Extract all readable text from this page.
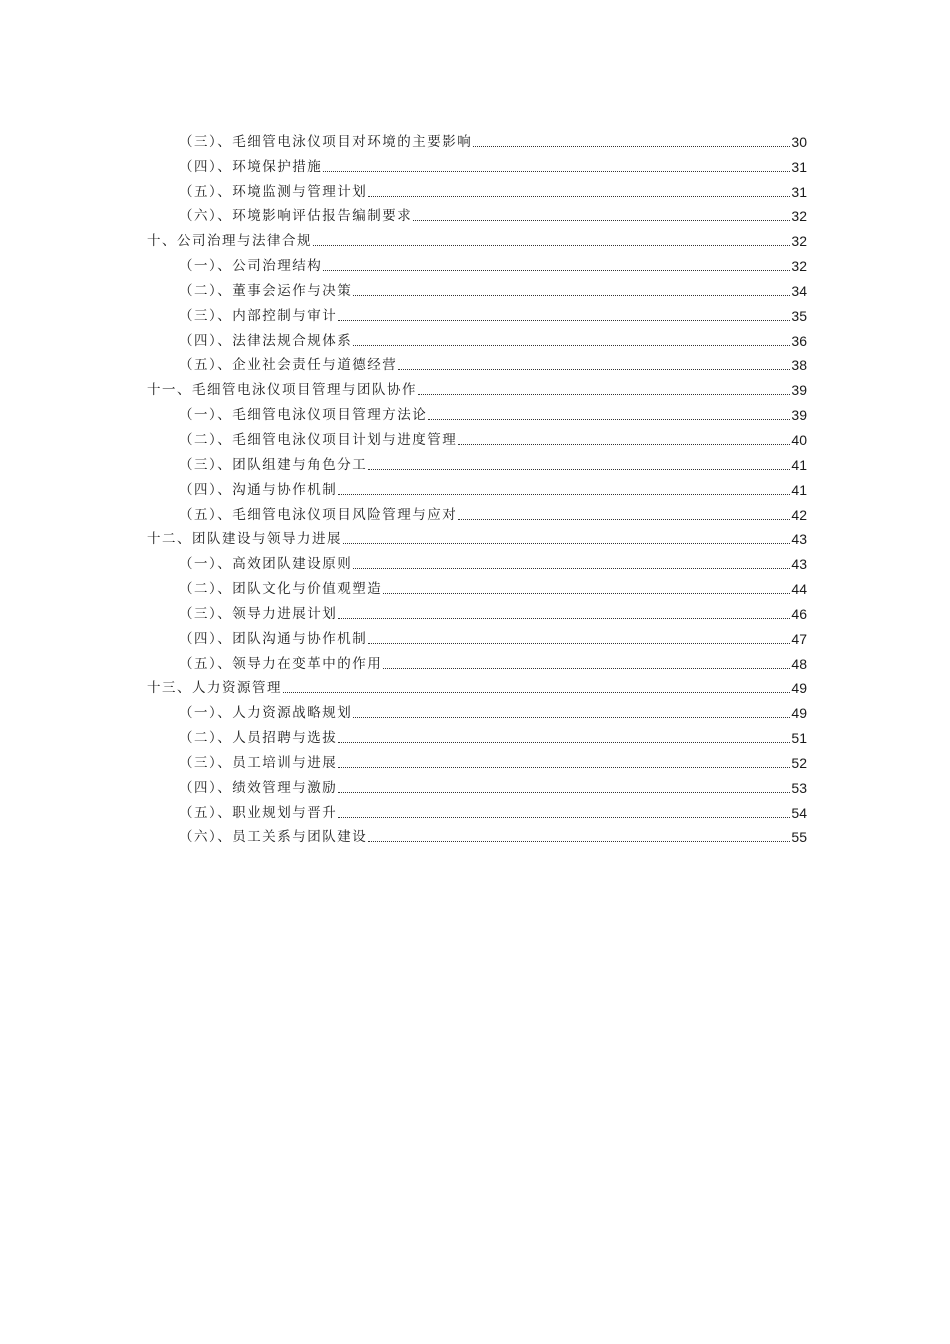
（三）、毛细管电泳仪项目对环境的主要影响	30
（四）、环境保护措施	31
（五）、环境监测与管理计划	31
（六）、环境影响评估报告编制要求	32
十、公司治理与法律合规	32
（一）、公司治理结构	32
（二）、董事会运作与决策	34
（三）、内部控制与审计	35
（四）、法律法规合规体系	36
（五）、企业社会责任与道德经营	38
十一、毛细管电泳仪项目管理与团队协作	39
（一）、毛细管电泳仪项目管理方法论	39
（二）、毛细管电泳仪项目计划与进度管理	40
（三）、团队组建与角色分工	41
（四）、沟通与协作机制	41
（五）、毛细管电泳仪项目风险管理与应对	42
十二、团队建设与领导力进展	43
（一）、高效团队建设原则	43
（二）、团队文化与价值观塑造	44
（三）、领导力进展计划	46
（四）、团队沟通与协作机制	47
（五）、领导力在变革中的作用	48
十三、人力资源管理	49
（一）、人力资源战略规划	49
（二）、人员招聘与选拔	51
（三）、员工培训与进展	52
（四）、绩效管理与激励	53
（五）、职业规划与晋升	54
（六）、员工关系与团队建设	55
